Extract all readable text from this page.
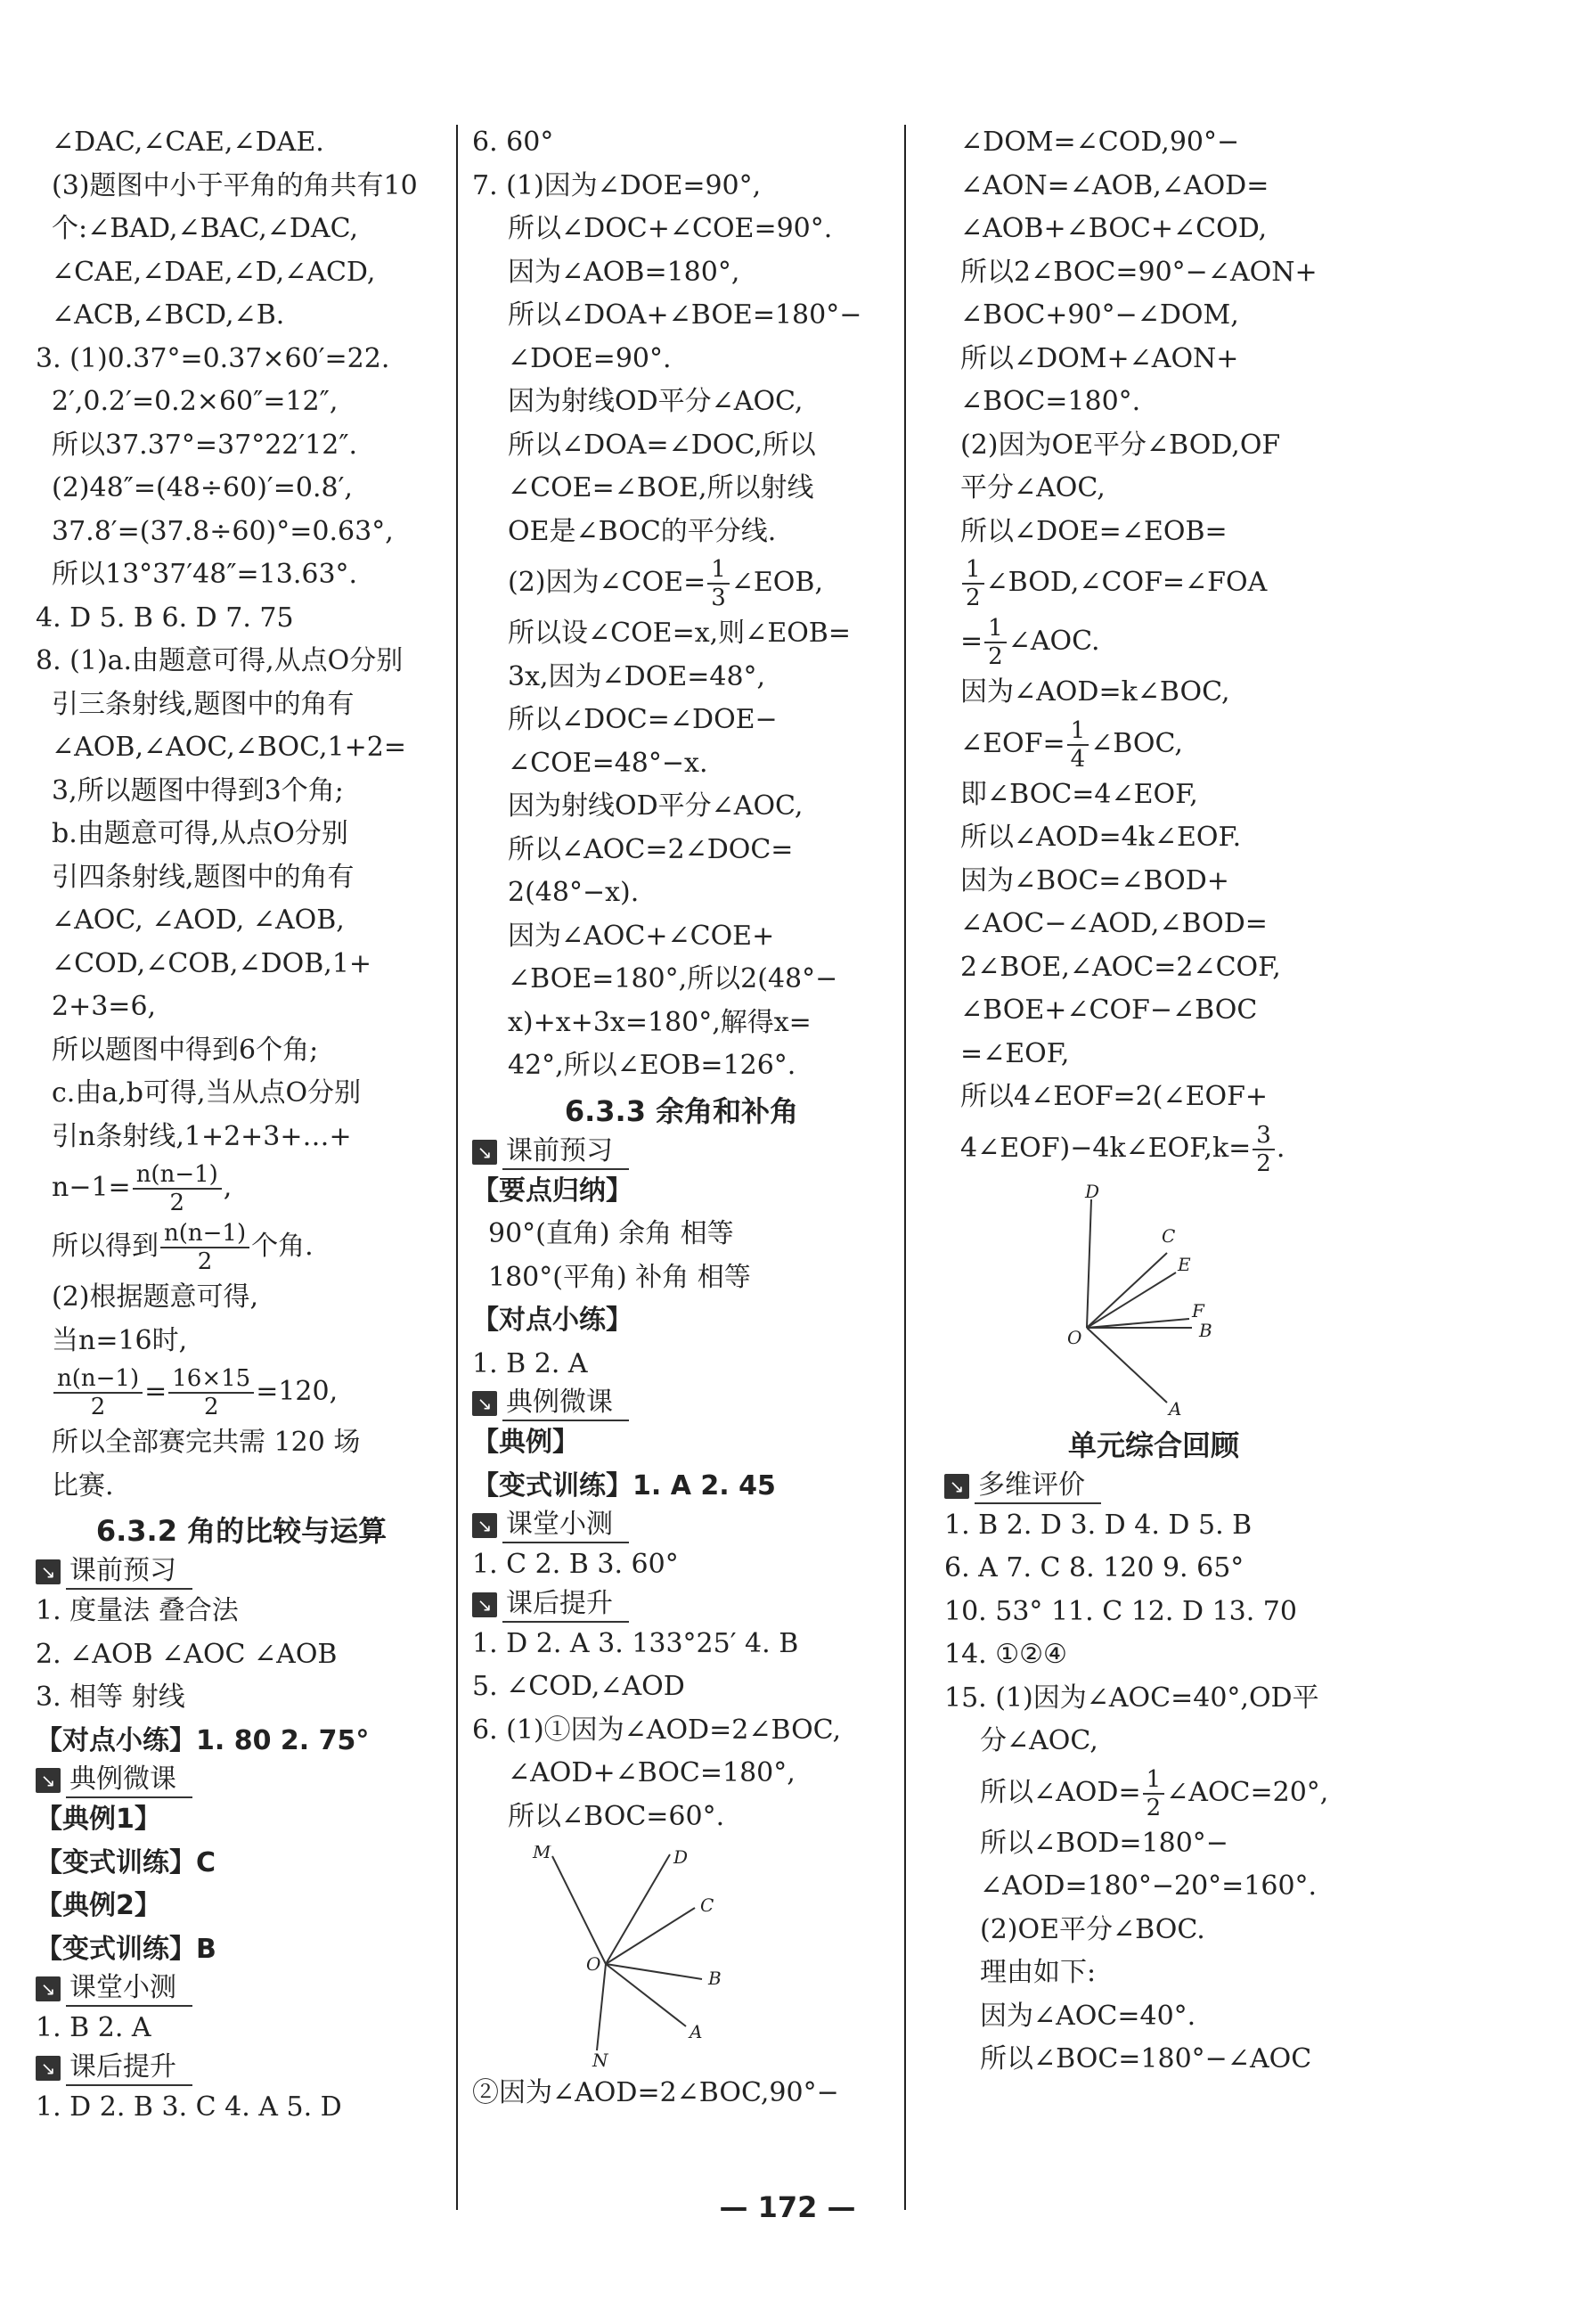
∠DAC,∠CAE,∠DAE.
(3)题图中小于平角的角共有10
个:∠BAD,∠BAC,∠DAC,
∠CAE,∠DAE,∠D,∠ACD,
∠ACB,∠BCD,∠B.
3. (1)0.37°=0.37×60′=22.
2′,0.2′=0.2×60″=12″,
所以37.37°=37°22′12″.
(2)48″=(48÷60)′=0.8′,
37.8′=(37.8÷60)°=0.63°,
所以13°37′48″=13.63°.
4. D 5. B 6. D 7. 75
8. (1)a.由题意可得,从点O分别
引三条射线,题图中的角有
∠AOB,∠AOC,∠BOC,1+2=
3,所以题图中得到3个角;
b.由题意可得,从点O分别
引四条射线,题图中的角有
∠AOC, ∠AOD, ∠AOB,
∠COD,∠COB,∠DOB,1+
2+3=6,
所以题图中得到6个角;
c.由a,b可得,当从点O分别
引n条射线,1+2+3+…+
$n-1= \frac{n(n-1)}{2}$ ,
所以得到 $\frac{n(n-1)}{2}$ 个角.
(2)根据题意可得,
当n=16时,
$\frac{n(n-1)}{2} = \frac{16\times 15}{2} =120$,
所以全部赛完共需 120 场
比赛.
6.3.2 角的比较与运算
↘ 课前预习
1. 度量法 叠合法
2. ∠AOB ∠AOC ∠AOB
3. 相等 射线
【对点小练】1. 80 2. 75°
↘ 典例微课
【典例1】
【变式训练】C
【典例2】
【变式训练】B
↘ 课堂小测
1. B 2. A
↘ 课后提升
1. D 2. B 3. C 4. A 5. D
6. 60°
7. (1)因为∠DOE=90°,
所以∠DOC+∠COE=90°.
因为∠AOB=180°,
所以∠DOA+∠BOE=180°−
∠DOE=90°.
因为射线OD平分∠AOC,
所以∠DOA=∠DOC,所以
∠COE=∠BOE,所以射线
OE是∠BOC的平分线.
(2)因为∠COE= $\frac{1}{3}$ ∠EOB,
所以设∠COE=x,则∠EOB=
3x,因为∠DOE=48°,
所以∠DOC=∠DOE−
∠COE=48°−x.
因为射线OD平分∠AOC,
所以∠AOC=2∠DOC=
2(48°−x).
因为∠AOC+∠COE+
∠BOE=180°,所以2(48°−
x)+x+3x=180°,解得x=
42°,所以∠EOB=126°.
6.3.3 余角和补角
↘ 课前预习
【要点归纳】
90°(直角) 余角 相等
180°(平角) 补角 相等
【对点小练】
1. B 2. A
↘ 典例微课
【典例】
【变式训练】1. A 2. 45
↘ 课堂小测
1. C 2. B 3. 60°
↘ 课后提升
1. D 2. A 3. 133°25′ 4. B
5. ∠COD,∠AOD
6. (1)①因为∠AOD=2∠BOC,
∠AOD+∠BOC=180°,
所以∠BOC=60°.
M	D
C
B
A
N
O
②因为∠AOD=2∠BOC,90°−
∠DOM=∠COD,90°−
∠AON=∠AOB,∠AOD=
∠AOB+∠BOC+∠COD,
所以2∠BOC=90°−∠AON+
∠BOC+90°−∠DOM,
所以∠DOM+∠AON+
∠BOC=180°.
(2)因为OE平分∠BOD,OF
平分∠AOC,
所以∠DOE=∠EOB=
$\frac{1}{2}$ ∠BOD,∠COF=∠FOA
= $\frac{1}{2}$ ∠AOC.
因为∠AOD=k∠BOC,
∠EOF= $\frac{1}{4}$ ∠BOC,
即∠BOC=4∠EOF,
所以∠AOD=4k∠EOF.
因为∠BOC=∠BOD+
∠AOC−∠AOD,∠BOD=
2∠BOE,∠AOC=2∠COF,
∠BOE+∠COF−∠BOC
=∠EOF,
所以4∠EOF=2(∠EOF+
4∠EOF)−4k∠EOF,k= $\frac{3}{2}$ .
D
C
E
F
B
O
A
单元综合回顾
↘ 多维评价
1. B 2. D 3. D 4. D 5. B
6. A 7. C 8. 120 9. 65°
10. 53° 11. C 12. D 13. 70
14. ①②④
15. (1)因为∠AOC=40°,OD平
分∠AOC,
所以∠AOD= $\frac{1}{2}$ ∠AOC=20°,
所以∠BOD=180°−
∠AOD=180°−20°=160°.
(2)OE平分∠BOC.
理由如下:
因为∠AOC=40°.
所以∠BOC=180°−∠AOC
— 172 —
